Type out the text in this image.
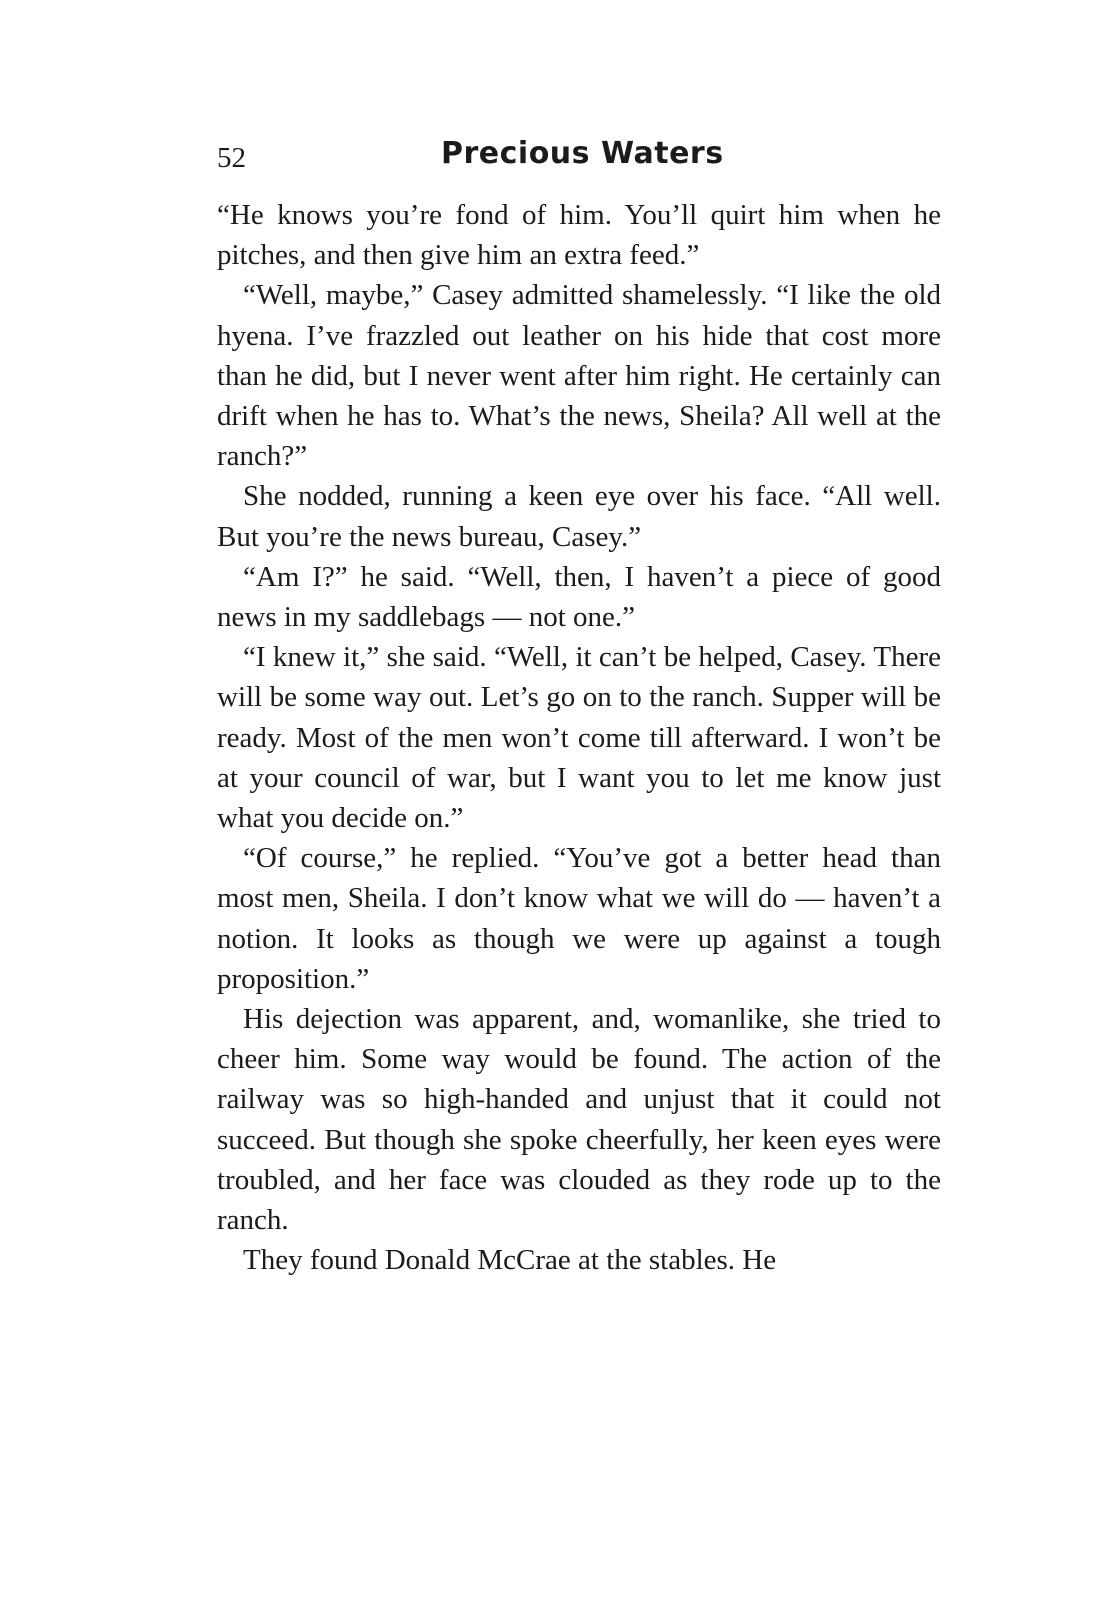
52	Precious Waters

“He knows you’re fond of him. You’ll quirt him when he pitches, and then give him an extra feed.”

“Well, maybe,” Casey admitted shamelessly. “I like the old hyena. I’ve frazzled out leather on his hide that cost more than he did, but I never went after him right. He certainly can drift when he has to. What’s the news, Sheila? All well at the ranch?”

She nodded, running a keen eye over his face. “All well. But you’re the news bureau, Casey.”

“Am I?” he said. “Well, then, I haven’t a piece of good news in my saddlebags — not one.”

“I knew it,” she said. “Well, it can’t be helped, Casey. There will be some way out. Let’s go on to the ranch. Supper will be ready. Most of the men won’t come till afterward. I won’t be at your council of war, but I want you to let me know just what you decide on.”

“Of course,” he replied. “You’ve got a better head than most men, Sheila. I don’t know what we will do — haven’t a notion. It looks as though we were up against a tough proposition.”

His dejection was apparent, and, womanlike, she tried to cheer him. Some way would be found. The action of the railway was so high-handed and unjust that it could not succeed. But though she spoke cheerfully, her keen eyes were troubled, and her face was clouded as they rode up to the ranch.

They found Donald McCrae at the stables. He
